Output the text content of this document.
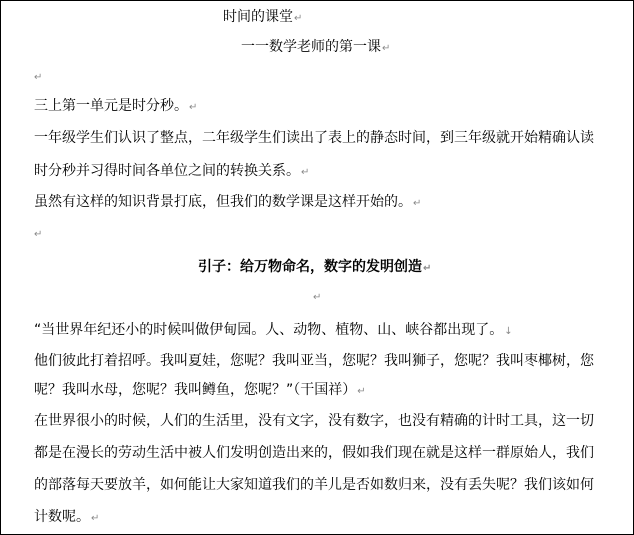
时间的课堂↵
一一数学老师的第一课↵
↵
三上第一单元是时分秒。↵
一年级学生们认识了整点，二年级学生们读出了表上的静态时间，到三年级就开始精确认读
时分秒并习得时间各单位之间的转换关系。↵
虽然有这样的知识背景打底，但我们的数学课是这样开始的。↵
↵
引子：给万物命名，数字的发明创造↵
↵
“当世界年纪还小的时候叫做伊甸园。人、动物、植物、山、峡谷都出现了。↓
他们彼此打着招呼。我叫夏娃，您呢？我叫亚当，您呢？我叫狮子，您呢？我叫枣椰树，您
呢？我叫水母，您呢？我叫鳟鱼，您呢？”（干国祥）↵
在世界很小的时候，人们的生活里，没有文字，没有数字，也没有精确的计时工具，这一切
都是在漫长的劳动生活中被人们发明创造出来的，假如我们现在就是这样一群原始人，我们
的部落每天要放羊，如何能让大家知道我们的羊儿是否如数归来，没有丢失呢？我们该如何
计数呢。↵
